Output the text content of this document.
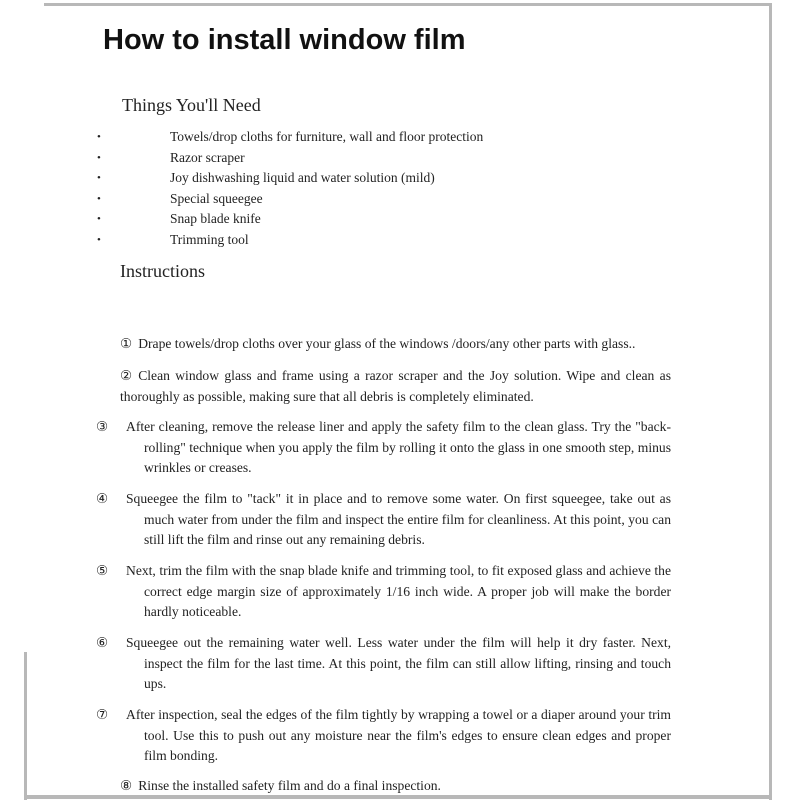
How to install window film
Things You'll Need
•	Towels/drop cloths for furniture, wall and floor protection
•	Razor scraper
•	Joy dishwashing liquid and water solution (mild)
•	Special squeegee
•	Snap blade knife
•	Trimming tool
Instructions

① Drape towels/drop cloths over your glass of the windows /doors/any other parts with glass..

② Clean window glass and frame using a razor scraper and the Joy solution. Wipe and clean as thoroughly as possible, making sure that all debris is completely eliminated.

③ After cleaning, remove the release liner and apply the safety film to the clean glass. Try the "back-rolling" technique when you apply the film by rolling it onto the glass in one smooth step, minus wrinkles or creases.

④ Squeegee the film to "tack" it in place and to remove some water. On first squeegee, take out as much water from under the film and inspect the entire film for cleanliness. At this point, you can still lift the film and rinse out any remaining debris.

⑤ Next, trim the film with the snap blade knife and trimming tool, to fit exposed glass and achieve the correct edge margin size of approximately 1/16 inch wide. A proper job will make the border hardly noticeable.

⑥ Squeegee out the remaining water well. Less water under the film will help it dry faster. Next, inspect the film for the last time. At this point, the film can still allow lifting, rinsing and touch ups.

⑦ After inspection, seal the edges of the film tightly by wrapping a towel or a diaper around your trim tool. Use this to push out any moisture near the film's edges to ensure clean edges and proper film bonding.

⑧ Rinse the installed safety film and do a final inspection.
